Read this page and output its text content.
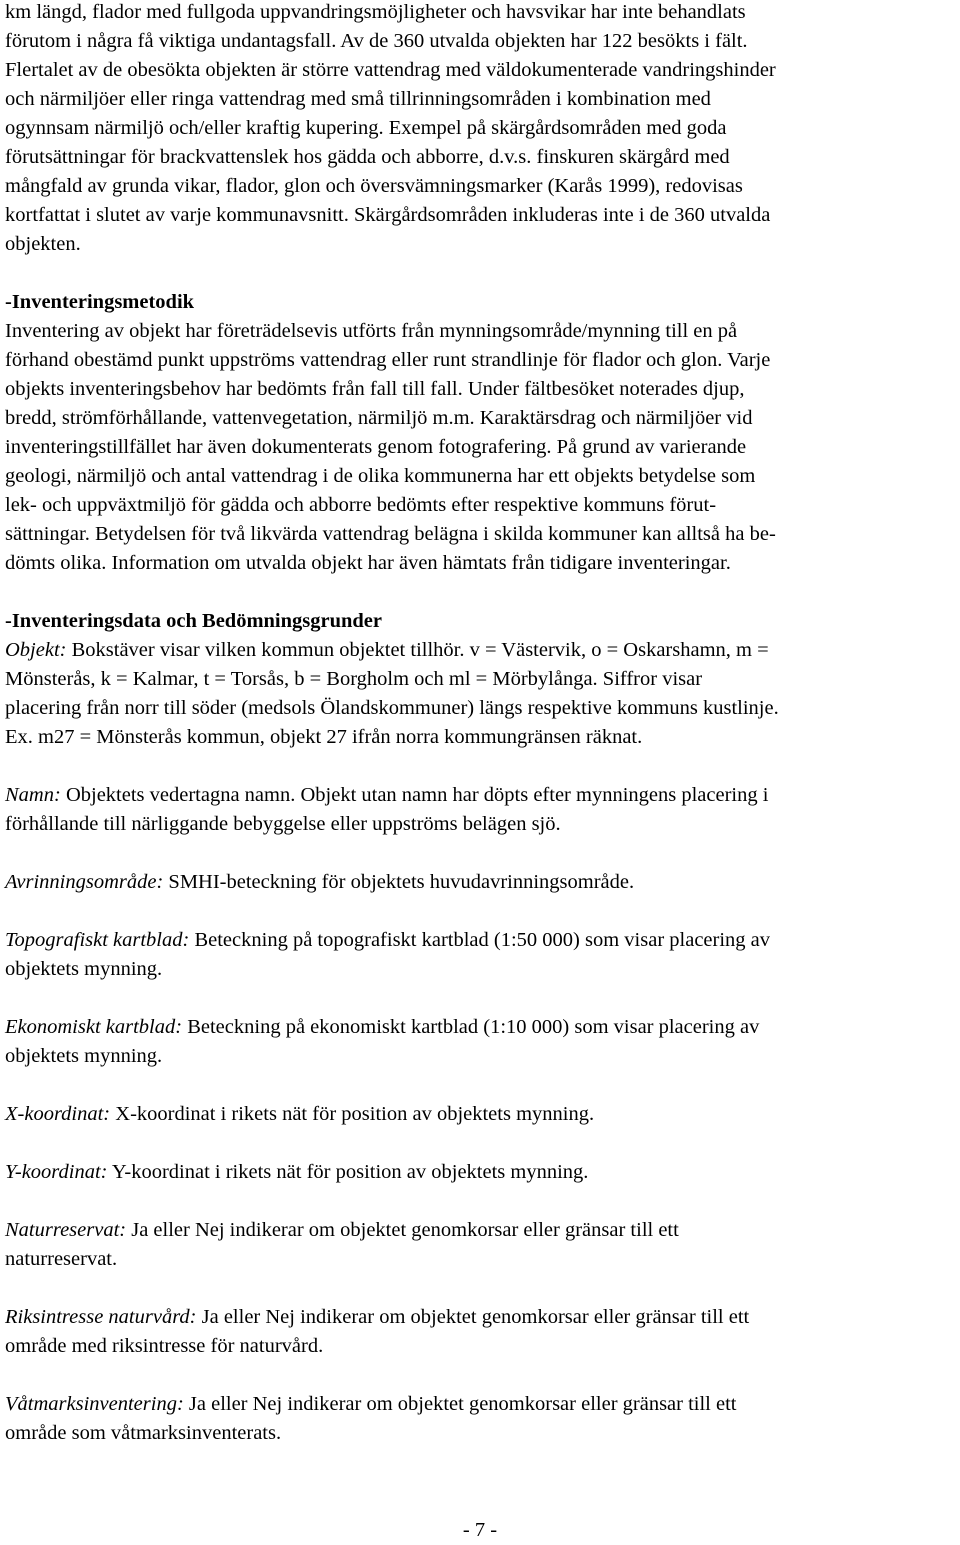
km längd, flador med fullgoda uppvandringsmöjligheter och havsvikar har inte behandlats

förutom i några få viktiga undantagsfall. Av de 360 utvalda objekten har 122 besökts i fält.

Flertalet av de obesökta objekten är större vattendrag med väldokumenterade vandringshinder

och närmiljöer eller ringa vattendrag med små tillrinningsområden i kombination med

ogynnsam närmiljö och/eller kraftig kupering. Exempel på skärgårdsområden med goda

förutsättningar för brackvattenslek hos gädda och abborre, d.v.s. finskuren skärgård med

mångfald av grunda vikar, flador, glon och översvämningsmarker (Karås 1999), redovisas

kortfattat i slutet av varje kommunavsnitt. Skärgårdsområden inkluderas inte i de 360 utvalda

objekten.

-Inventeringsmetodik

Inventering av objekt har företrädelsevis utförts från mynningsområde/mynning till en på

förhand obestämd punkt uppströms vattendrag eller runt strandlinje för flador och glon. Varje

objekts inventeringsbehov har bedömts från fall till fall. Under fältbesöket noterades djup,

bredd, strömförhållande, vattenvegetation, närmiljö m.m. Karaktärsdrag och närmiljöer vid

inventeringstillfället har även dokumenterats genom fotografering. På grund av varierande

geologi, närmiljö och antal vattendrag i de olika kommunerna har ett objekts betydelse som

lek- och uppväxtmiljö för gädda och abborre bedömts efter respektive kommuns förut-

sättningar. Betydelsen för två likvärda vattendrag belägna i skilda kommuner kan alltså ha be-

dömts olika. Information om utvalda objekt har även hämtats från tidigare inventeringar.

-Inventeringsdata och Bedömningsgrunder

Objekt: Bokstäver visar vilken kommun objektet tillhör. v = Västervik, o = Oskarshamn, m =

Mönsterås, k = Kalmar, t = Torsås, b = Borgholm och ml = Mörbylånga. Siffror visar

placering från norr till söder (medsols Ölandskommuner) längs respektive kommuns kustlinje.

Ex. m27 = Mönsterås kommun, objekt 27 ifrån norra kommungränsen räknat.

Namn: Objektets vedertagna namn. Objekt utan namn har döpts efter mynningens placering i

förhållande till närliggande bebyggelse eller uppströms belägen sjö.

Avrinningsområde: SMHI-beteckning för objektets huvudavrinningsområde.

Topografiskt kartblad: Beteckning på topografiskt kartblad (1:50 000) som visar placering av

objektets mynning.

Ekonomiskt kartblad: Beteckning på ekonomiskt kartblad (1:10 000) som visar placering av

objektets mynning.

X-koordinat: X-koordinat i rikets nät för position av objektets mynning.

Y-koordinat: Y-koordinat i rikets nät för position av objektets mynning.

Naturreservat: Ja eller Nej indikerar om objektet genomkorsar eller gränsar till ett

naturreservat.

Riksintresse naturvård: Ja eller Nej indikerar om objektet genomkorsar eller gränsar till ett

område med riksintresse för naturvård.

Våtmarksinventering: Ja eller Nej indikerar om objektet genomkorsar eller gränsar till ett

område som våtmarksinventerats.

- 7 -
